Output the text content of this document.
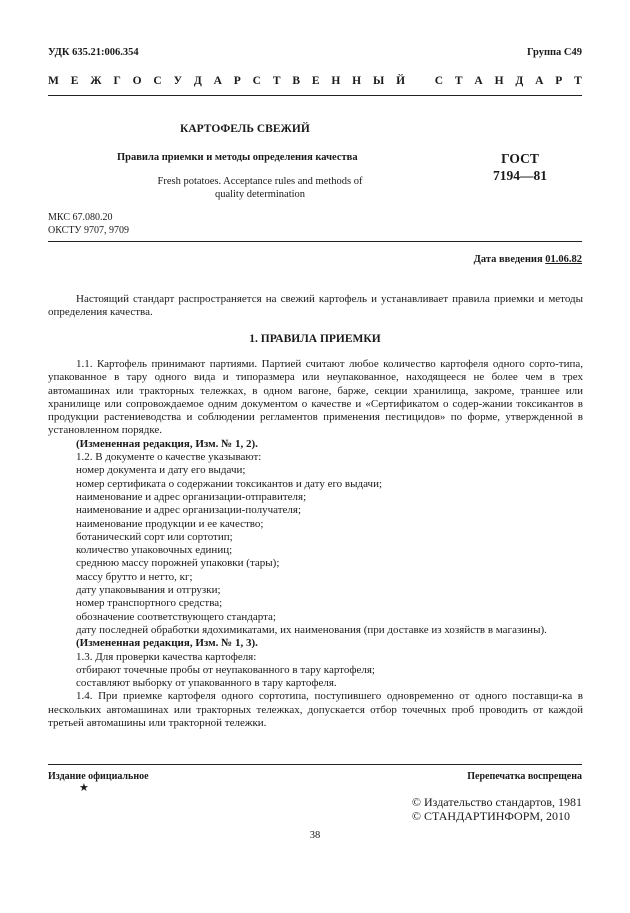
УДК 635.21:006.354	Группа С49
М Е Ж Г О С У Д А Р С Т В Е Н Н Ы Й	С Т А Н Д А Р Т
КАРТОФЕЛЬ СВЕЖИЙ
Правила приемки и методы определения качества
Fresh potatoes. Acceptance rules and methods of
quality determination
ГОСТ
7194—81
МКС 67.080.20
ОКСТУ 9707, 9709
Дата введения 01.06.82

Настоящий стандарт распространяется на свежий картофель и устанавливает правила приемки и методы определения качества.

1. ПРАВИЛА ПРИЕМКИ

1.1. Картофель принимают партиями. Партией считают любое количество картофеля одного сорто-типа, упакованное в тару одного вида и типоразмера или неупакованное, находящееся не более чем в трех автомашинах или тракторных тележках, в одном вагоне, барже, секции хранилища, закроме, траншее или хранилище или сопровождаемое одним документом о качестве и «Сертификатом о содер-жании токсикантов в продукции растениеводства и соблюдении регламентов применения пестицидов» по форме, утвержденной в установленном порядке.

(Измененная редакция, Изм. № 1, 2).

1.2. В документе о качестве указывают:

номер документа и дату его выдачи;

номер сертификата о содержании токсикантов и дату его выдачи;

наименование и адрес организации-отправителя;

наименование и адрес организации-получателя;

наименование продукции и ее качество;

ботанический сорт или сортотип;

количество упаковочных единиц;

среднюю массу порожней упаковки (тары);

массу брутто и нетто, кг;

дату упаковывания и отгрузки;

номер транспортного средства;

обозначение соответствующего стандарта;

дату последней обработки ядохимикатами, их наименования (при доставке из хозяйств в магазины).

(Измененная редакция, Изм. № 1, 3).

1.3. Для проверки качества картофеля:

отбирают точечные пробы от неупакованного в тару картофеля;

составляют выборку от упакованного в тару картофеля.

1.4. При приемке картофеля одного сортотипа, поступившего одновременно от одного поставщи-ка в нескольких автомашинах или тракторных тележках, допускается отбор точечных проб проводить от каждой третьей автомашины или тракторной тележки.

Издание официальное
★
Перепечатка воспрещена
© Издательство стандартов, 1981
© СТАНДАРТИНФОРМ, 2010
38
